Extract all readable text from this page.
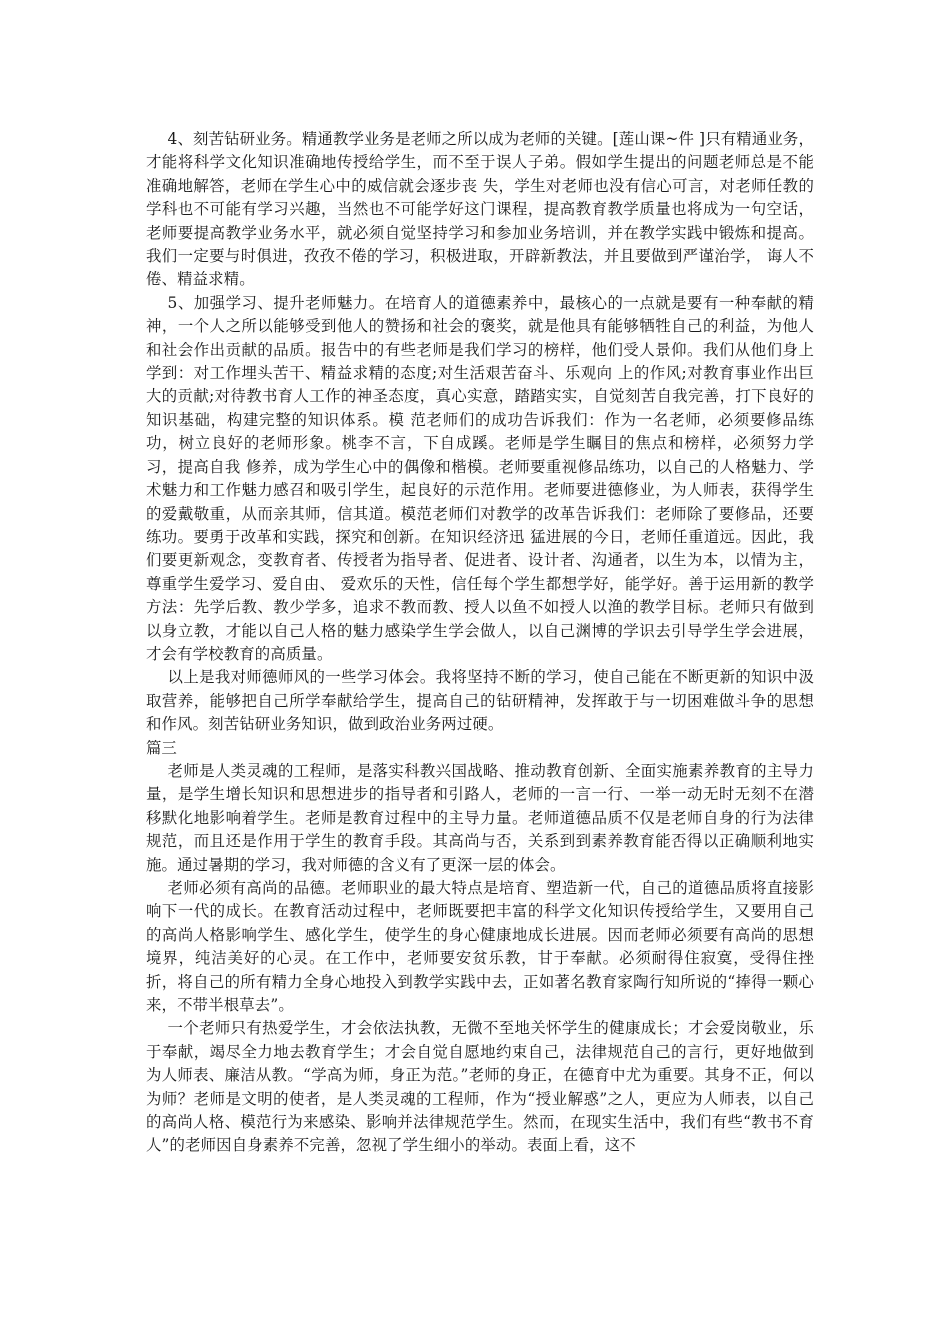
4、刻苦钻研业务。精通教学业务是老师之所以成为老师的关键。[莲山课~件 ]只有精通业务，才能将科学文化知识准确地传授给学生，而不至于误人子弟。假如学生提出的问题老师总是不能准确地解答，老师在学生心中的威信就会逐步丧 失，学生对老师也没有信心可言，对老师任教的学科也不可能有学习兴趣，当然也不可能学好这门课程，提高教育教学质量也将成为一句空话，老师要提高教学业务水平，就必须自觉坚持学习和参加业务培训，并在教学实践中锻炼和提高。我们一定要与时俱进，孜孜不倦的学习，积极进取，开辟新教法，并且要做到严谨治学， 诲人不倦、精益求精。

5、加强学习、提升老师魅力。在培育人的道德素养中，最核心的一点就是要有一种奉献的精神，一个人之所以能够受到他人的赞扬和社会的褒奖，就是他具有能够牺牲自己的利益，为他人 和社会作出贡献的品质。报告中的有些老师是我们学习的榜样，他们受人景仰。我们从他们身上学到：对工作埋头苦干、精益求精的态度;对生活艰苦奋斗、乐观向 上的作风;对教育事业作出巨大的贡献;对待教书育人工作的神圣态度，真心实意，踏踏实实，自觉刻苦自我完善，打下良好的知识基础，构建完整的知识体系。模 范老师们的成功告诉我们：作为一名老师，必须要修品练功，树立良好的老师形象。桃李不言，下自成蹊。老师是学生瞩目的焦点和榜样，必须努力学习，提高自我 修养，成为学生心中的偶像和楷模。老师要重视修品练功，以自己的人格魅力、学术魅力和工作魅力感召和吸引学生，起良好的示范作用。老师要进德修业，为人师表，获得学生的爱戴敬重，从而亲其师，信其道。模范老师们对教学的改革告诉我们：老师除了要修品，还要练功。要勇于改革和实践，探究和创新。在知识经济迅 猛进展的今日，老师任重道远。因此，我们要更新观念，变教育者、传授者为指导者、促进者、设计者、沟通者，以生为本，以情为主，尊重学生爱学习、爱自由、 爱欢乐的天性，信任每个学生都想学好，能学好。善于运用新的教学方法：先学后教、教少学多，追求不教而教、授人以鱼不如授人以渔的教学目标。老师只有做到 以身立教，才能以自己人格的魅力感染学生学会做人，以自己渊博的学识去引导学生学会进展，才会有学校教育的高质量。

以上是我对师德师风的一些学习体会。我将坚持不断的学习，使自己能在不断更新的知识中汲取营养，能够把自己所学奉献给学生，提高自己的钻研精神，发挥敢于与一切困难做斗争的思想和作风。刻苦钻研业务知识，做到政治业务两过硬。

篇三

老师是人类灵魂的工程师，是落实科教兴国战略、推动教育创新、全面实施素养教育的主导力量，是学生增长知识和思想进步的指导者和引路人，老师的一言一行、一举一动无时无刻不在潜移默化地影响着学生。老师是教育过程中的主导力量。老师道德品质不仅是老师自身的行为法律规范，而且还是作用于学生的教育手段。其高尚与否，关系到到素养教育能否得以正确顺利地实施。通过暑期的学习，我对师德的含义有了更深一层的体会。

老师必须有高尚的品德。老师职业的最大特点是培育、塑造新一代，自己的道德品质将直接影响下一代的成长。在教育活动过程中，老师既要把丰富的科学文化知识传授给学生，又要用自己的高尚人格影响学生、感化学生，使学生的身心健康地成长进展。因而老师必须要有高尚的思想境界，纯洁美好的心灵。在工作中，老师要安贫乐教，甘于奉献。必须耐得住寂寞，受得住挫折，将自己的所有精力全身心地投入到教学实践中去，正如著名教育家陶行知所说的“捧得一颗心来，不带半根草去”。

一个老师只有热爱学生，才会依法执教，无微不至地关怀学生的健康成长；才会爱岗敬业，乐于奉献，竭尽全力地去教育学生；才会自觉自愿地约束自己，法律规范自己的言行，更好地做到为人师表、廉洁从教。“学高为师，身正为范。”老师的身正，在德育中尤为重要。其身不正，何以为师？老师是文明的使者，是人类灵魂的工程师，作为“授业解惑”之人，更应为人师表，以自己的高尚人格、模范行为来感染、影响并法律规范学生。然而，在现实生活中，我们有些“教书不育人”的老师因自身素养不完善，忽视了学生细小的举动。表面上看，这不
